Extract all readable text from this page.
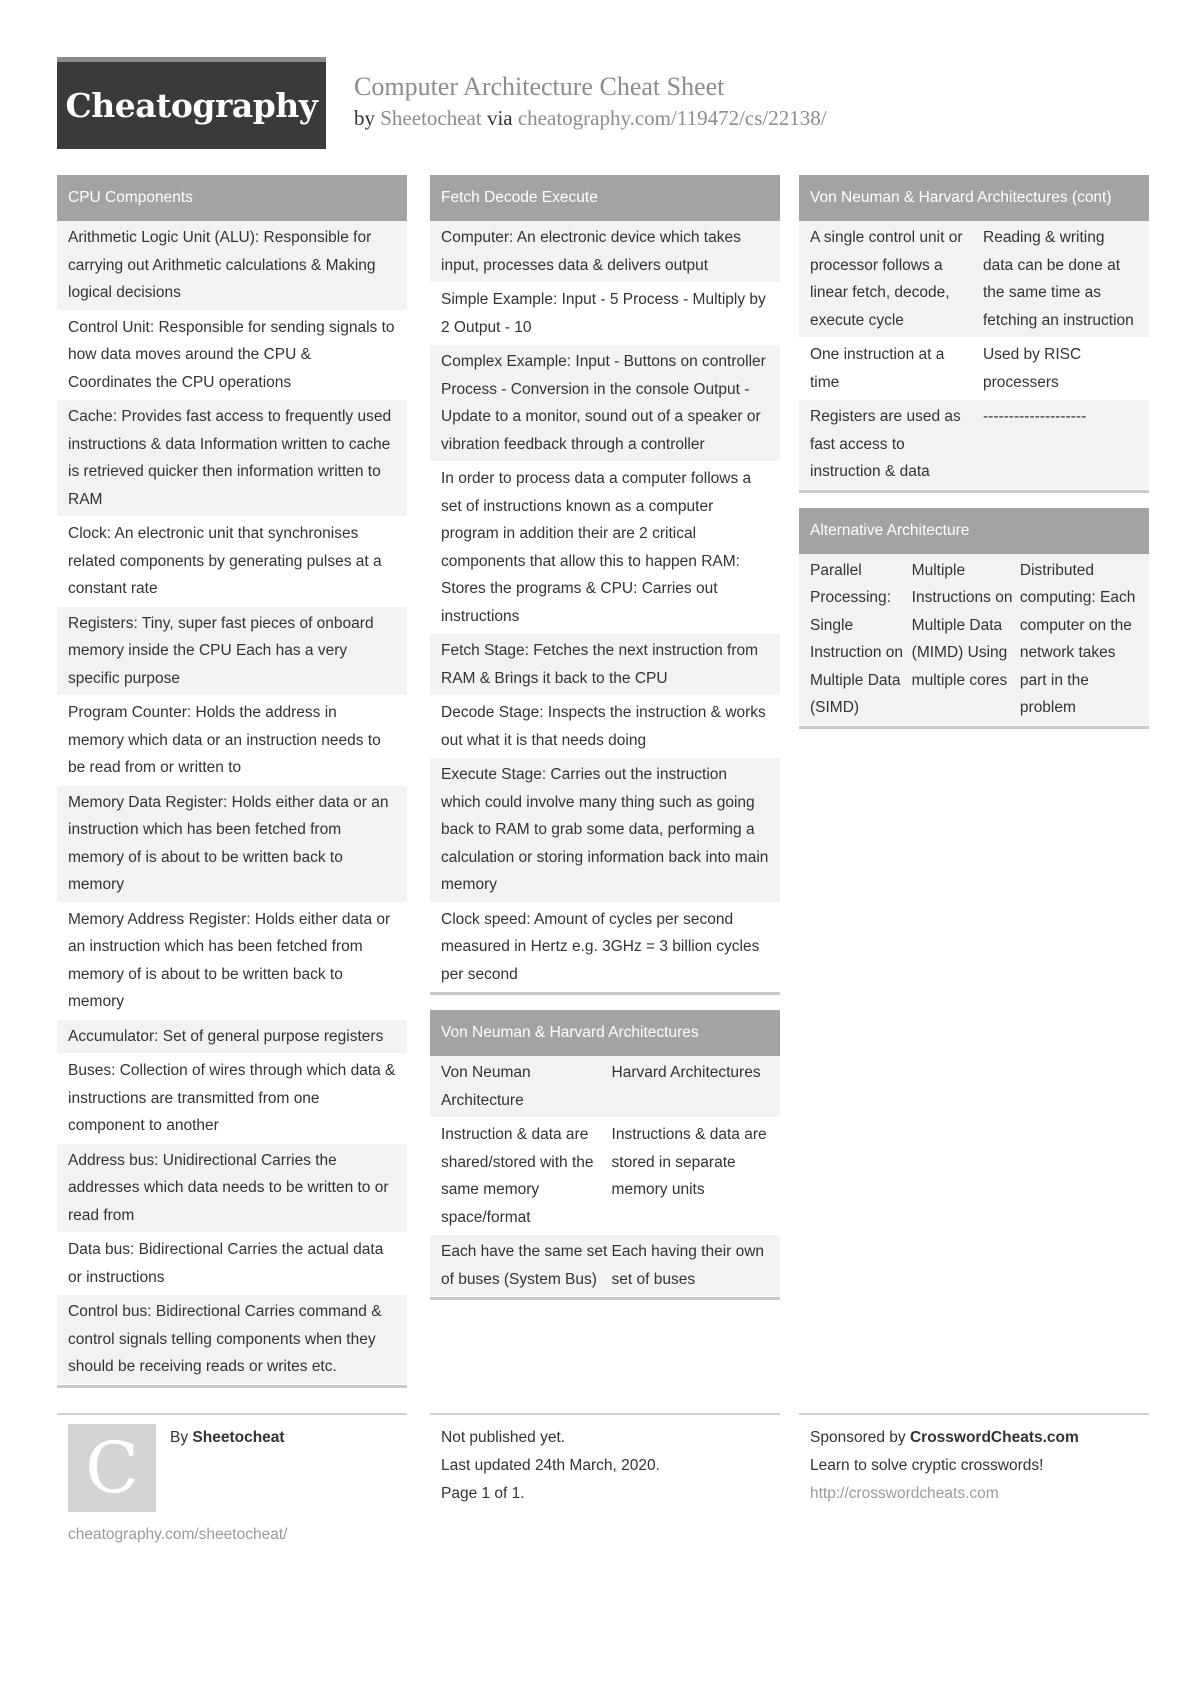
Cheatography Computer Architecture Cheat Sheet
by Sheetocheat via cheatography.com/119472/cs/22138/
CPU Components
Arithmetic Logic Unit (ALU): Responsible for carrying out Arithmetic calculations & Making logical decisions
Control Unit: Responsible for sending signals to how data moves around the CPU & Coordinates the CPU operations
Cache: Provides fast access to frequently used instructions & data Information written to cache is retrieved quicker then information written to RAM
Clock: An electronic unit that synchronises related components by generating pulses at a constant rate
Registers: Tiny, super fast pieces of onboard memory inside the CPU Each has a very specific purpose
Program Counter: Holds the address in memory which data or an instruction needs to be read from or written to
Memory Data Register: Holds either data or an instruction which has been fetched from memory of is about to be written back to memory
Memory Address Register: Holds either data or an instruction which has been fetched from memory of is about to be written back to memory
Accumulator: Set of general purpose registers
Buses: Collection of wires through which data & instructions are transmitted from one component to another
Address bus: Unidirectional Carries the addresses which data needs to be written to or read from
Data bus: Bidirectional Carries the actual data or instructions
Control bus: Bidirectional Carries command & control signals telling components when they should be receiving reads or writes etc.
Fetch Decode Execute
Computer: An electronic device which takes input, processes data & delivers output
Simple Example: Input - 5 Process - Multiply by 2 Output - 10
Complex Example: Input - Buttons on controller Process - Conversion in the console Output - Update to a monitor, sound out of a speaker or vibration feedback through a controller
In order to process data a computer follows a set of instructions known as a computer program in addition their are 2 critical components that allow this to happen RAM: Stores the programs & CPU: Carries out instructions
Fetch Stage: Fetches the next instruction from RAM & Brings it back to the CPU
Decode Stage: Inspects the instruction & works out what it is that needs doing
Execute Stage: Carries out the instruction which could involve many thing such as going back to RAM to grab some data, performing a calculation or storing information back into main memory
Clock speed: Amount of cycles per second measured in Hertz e.g. 3GHz = 3 billion cycles per second
Von Neuman & Harvard Architectures
Von Neuman Architecture
Harvard Architectures
Instruction & data are shared/stored with the same memory space/format
Instructions & data are stored in separate memory units
Each have the same set of buses (System Bus)
Each having their own set of buses
Von Neuman & Harvard Architectures (cont)
A single control unit or processor follows a linear fetch, decode, execute cycle
Reading & writing data can be done at the same time as fetching an instruction
One instruction at a time
Used by RISC processers
Registers are used as fast access to instruction & data
--------------------
Alternative Architecture
Parallel Processing: Single Instruction on Multiple Data (SIMD)
Multiple Instructions on Multiple Data (MIMD) Using multiple cores
Distributed computing: Each computer on the network takes part in the problem
C By Sheetocheat
cheatography.com/sheetocheat/
Not published yet.
Last updated 24th March, 2020.
Page 1 of 1.
Sponsored by CrosswordCheats.com
Learn to solve cryptic crosswords!
http://crosswordcheats.com
